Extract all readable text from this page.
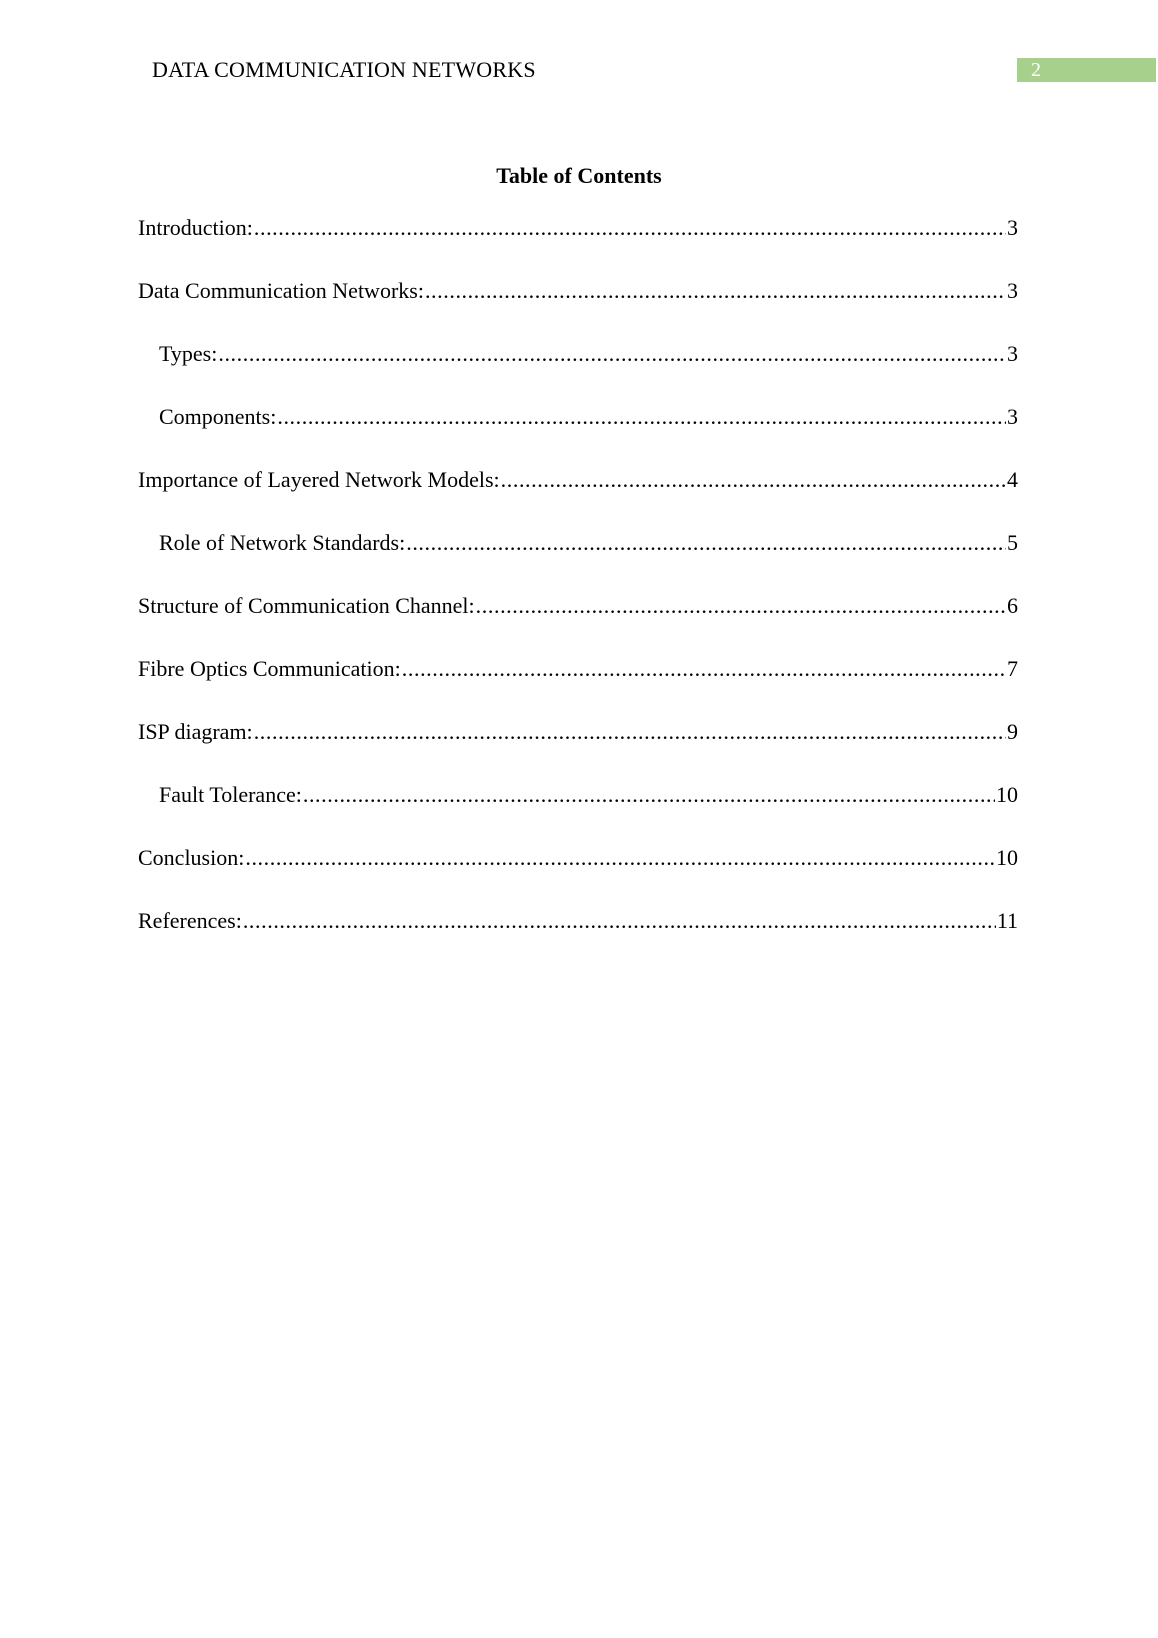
DATA COMMUNICATION NETWORKS	2
Table of Contents
Introduction: .....	3
Data Communication Networks: .....	3
Types: .....	3
Components: .....	3
Importance of Layered Network Models: .....	4
Role of Network Standards: .....	5
Structure of Communication Channel: .....	6
Fibre Optics Communication: .....	7
ISP diagram: .....	9
Fault Tolerance: .....	10
Conclusion: .....	10
References: .....	11
